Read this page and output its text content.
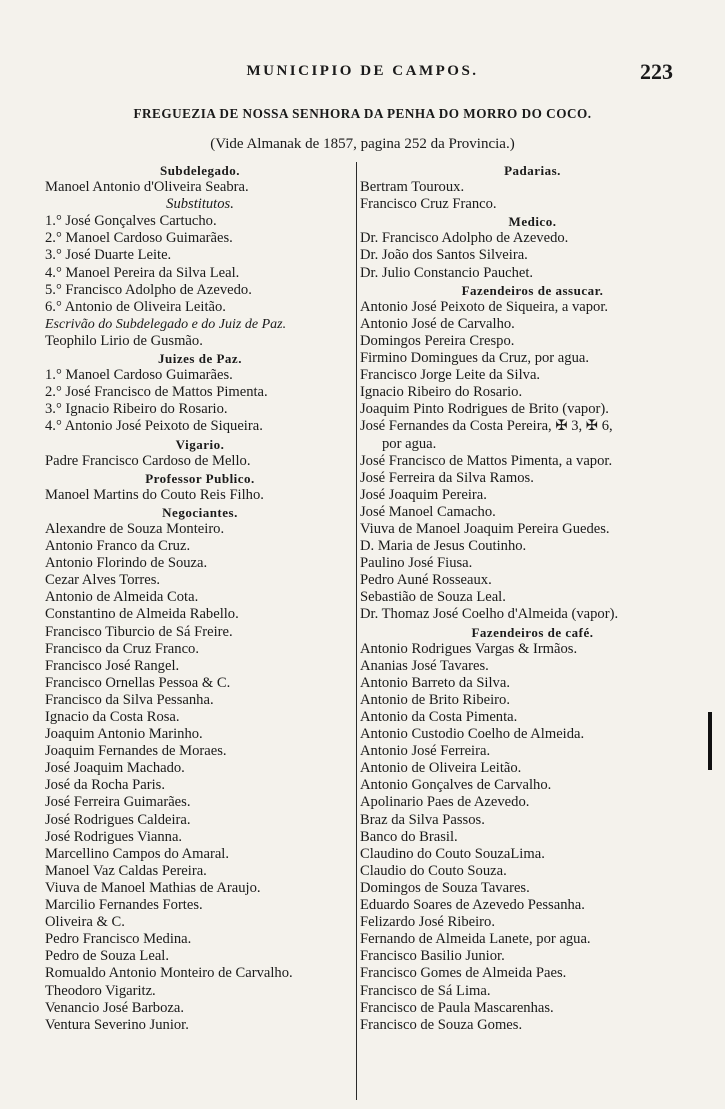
MUNICIPIO DE CAMPOS.	223
FREGUEZIA DE NOSSA SENHORA DA PENHA DO MORRO DO COCO.
(Vide Almanak de 1857, pagina 252 da Provincia.)
Subdelegado.
Manoel Antonio d'Oliveira Seabra.
Substitutos.
1.° José Gonçalves Cartucho.
2.° Manoel Cardoso Guimarães.
3.° José Duarte Leite.
4.° Manoel Pereira da Silva Leal.
5.° Francisco Adolpho de Azevedo.
6.° Antonio de Oliveira Leitão.
Escrivão do Subdelegado e do Juiz de Paz.
Teophilo Lirio de Gusmão.
Juizes de Paz.
1.° Manoel Cardoso Guimarães.
2.° José Francisco de Mattos Pimenta.
3.° Ignacio Ribeiro do Rosario.
4.° Antonio José Peixoto de Siqueira.
Vigario.
Padre Francisco Cardoso de Mello.
Professor Publico.
Manoel Martins do Couto Reis Filho.
Negociantes.
Alexandre de Souza Monteiro.
Antonio Franco da Cruz.
Antonio Florindo de Souza.
Cezar Alves Torres.
Antonio de Almeida Cota.
Constantino de Almeida Rabello.
Francisco Tiburcio de Sá Freire.
Francisco da Cruz Franco.
Francisco José Rangel.
Francisco Ornellas Pessoa & C.
Francisco da Silva Pessanha.
Ignacio da Costa Rosa.
Joaquim Antonio Marinho.
Joaquim Fernandes de Moraes.
José Joaquim Machado.
José da Rocha Paris.
José Ferreira Guimarães.
José Rodrigues Caldeira.
José Rodrigues Vianna.
Marcellino Campos do Amaral.
Manoel Vaz Caldas Pereira.
Viuva de Manoel Mathias de Araujo.
Marcilio Fernandes Fortes.
Oliveira & C.
Pedro Francisco Medina.
Pedro de Souza Leal.
Romualdo Antonio Monteiro de Carvalho.
Theodoro Vigaritz.
Venancio José Barboza.
Ventura Severino Junior.
Padarias.
Bertram Touroux.
Francisco Cruz Franco.
Medico.
Dr. Francisco Adolpho de Azevedo.
Dr. João dos Santos Silveira.
Dr. Julio Constancio Pauchet.
Fazendeiros de assucar.
Antonio José Peixoto de Siqueira, a vapor.
Antonio José de Carvalho.
Domingos Pereira Crespo.
Firmino Domingues da Cruz, por agua.
Francisco Jorge Leite da Silva.
Ignacio Ribeiro do Rosario.
Joaquim Pinto Rodrigues de Brito (vapor).
José Fernandes da Costa Pereira, ✠ 3, ✠ 6,
por agua.
José Francisco de Mattos Pimenta, a vapor.
José Ferreira da Silva Ramos.
José Joaquim Pereira.
José Manoel Camacho.
Viuva de Manoel Joaquim Pereira Guedes.
D. Maria de Jesus Coutinho.
Paulino José Fiusa.
Pedro Auné Rosseaux.
Sebastião de Souza Leal.
Dr. Thomaz José Coelho d'Almeida (vapor).
Fazendeiros de café.
Antonio Rodrigues Vargas & Irmãos.
Ananias José Tavares.
Antonio Barreto da Silva.
Antonio de Brito Ribeiro.
Antonio da Costa Pimenta.
Antonio Custodio Coelho de Almeida.
Antonio José Ferreira.
Antonio de Oliveira Leitão.
Antonio Gonçalves de Carvalho.
Apolinario Paes de Azevedo.
Braz da Silva Passos.
Banco do Brasil.
Claudino do Couto SouzaLima.
Claudio do Couto Souza.
Domingos de Souza Tavares.
Eduardo Soares de Azevedo Pessanha.
Felizardo José Ribeiro.
Fernando de Almeida Lanete, por agua.
Francisco Basilio Junior.
Francisco Gomes de Almeida Paes.
Francisco de Sá Lima.
Francisco de Paula Mascarenhas.
Francisco de Souza Gomes.
